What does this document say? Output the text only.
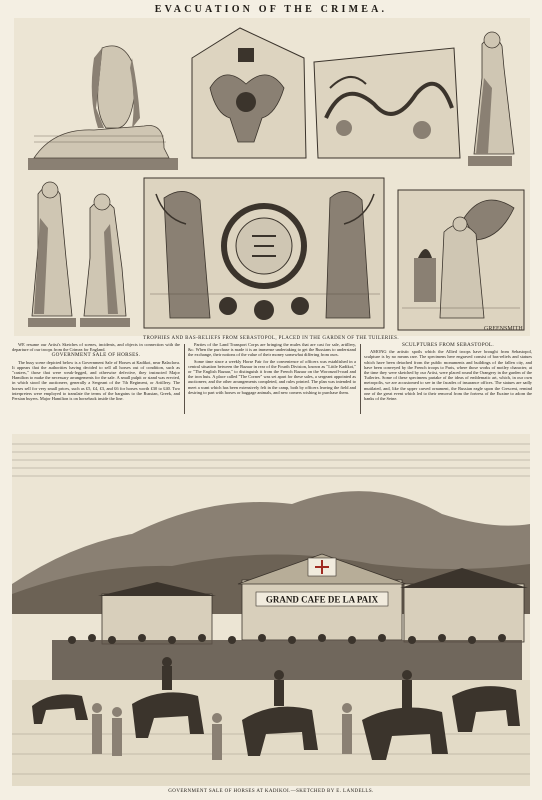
EVACUATION OF THE CRIMEA.
GREENSMITH
TROPHIES AND BAS-RELIEFS FROM SEBASTOPOL, PLACED IN THE GARDEN OF THE TUILERIES.

WE resume our Artist's Sketches of scenes, incidents, and objects in connection with the departure of our troops from the Crimea for England.

GOVERNMENT SALE OF HORSES.

The busy scene depicted below is a Government Sale of Horses at Kadikoi, near Balaclava. It appears that the authorities having decided to sell all horses out of condition, such as "casters," those that were weak-legged, and otherwise defective, they instructed Major Hamilton to make the necessary arrangements for the sale. A small pulpit or stand was erected, in which stood the auctioneer, generally a Sergeant of the 7th Regiment, or Artillery. The horses sell for very small prices, such as £5, £4, £3, and £6 for horses worth £30 to £40. Two interpreters were employed to translate the terms of the bargains to the Russian, Greek, and Persian buyers. Major Hamilton is on horseback inside the line.

Parties of the Land Transport Corps are bringing the mules that are cast for sale, artillery, &c. When the purchase is made it is an immense undertaking to get the Russians to understand the exchange, their notions of the value of their money somewhat differing from ours.

Some time since a weekly Horse Fair for the convenience of officers was established in a central situation between the Bazaar in rear of the Fourth Division, known as "Little Kadikoi," or "The English Bazaar," to distinguish it from the French Bazaar on the Woronzoff-road and the iron huts. A place called "The Corner" was set apart for these sales, a sergeant appointed as auctioneer, and the other arrangements completed, and rules printed. The plan was intended to meet a want which has been extensively felt in the camp, both by officers leaving the field and desiring to part with horses or baggage animals, and new comers wishing to purchase them.

SCULPTURES FROM SEBASTOPOL.

AMONG the artistic spoils which the Allied troops have brought from Sebastopol, sculpture is by no means rare. The specimens here engraved consist of bas-reliefs and statues which have been detached from the public monuments and buildings of the fallen city, and have been conveyed by the French troops to Paris, where those works of motley character, at the time they were sketched by our Artist, were placed round the Orangery in the garden of the Tuileries. Some of these specimens partake of the ideas of emblematic art, which, in our own metropolis, we are accustomed to see in the facades of insurance offices. The statues are sadly mutilated, and, like the upper carved ornament, the Russian eagle upon the Crescent, remind one of the great event which led to their removal from the fortress of the Euxine to adorn the banks of the Seine.

GRAND CAFE DE LA PAIX
GOVERNMENT SALE OF HORSES AT KADIKOI.—SKETCHED BY E. LANDELLS.
